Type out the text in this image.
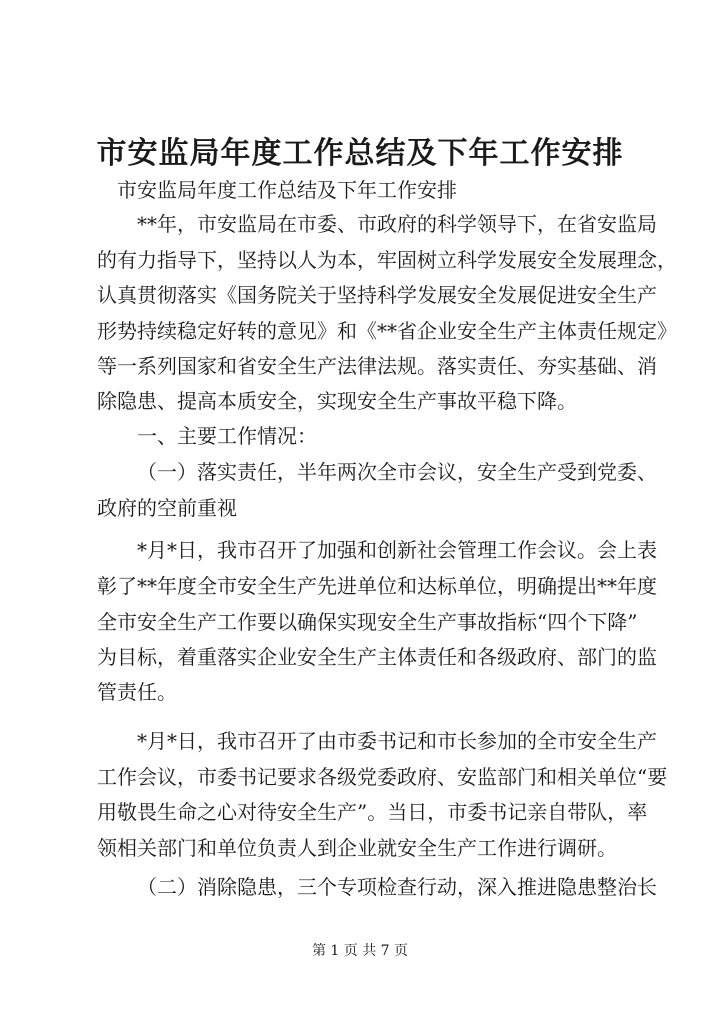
市安监局年度工作总结及下年工作安排
市安监局年度工作总结及下年工作安排
**年，市安监局在市委、市政府的科学领导下，在省安监局
的有力指导下，坚持以人为本，牢固树立科学发展安全发展理念，
认真贯彻落实《国务院关于坚持科学发展安全发展促进安全生产
形势持续稳定好转的意见》和《**省企业安全生产主体责任规定》
等一系列国家和省安全生产法律法规。落实责任、夯实基础、消
除隐患、提高本质安全，实现安全生产事故平稳下降。
一、主要工作情况：
（一）落实责任，半年两次全市会议，安全生产受到党委、
政府的空前重视
*月*日，我市召开了加强和创新社会管理工作会议。会上表
彰了**年度全市安全生产先进单位和达标单位，明确提出**年度
全市安全生产工作要以确保实现安全生产事故指标“四个下降”
为目标，着重落实企业安全生产主体责任和各级政府、部门的监
管责任。
*月*日，我市召开了由市委书记和市长参加的全市安全生产
工作会议，市委书记要求各级党委政府、安监部门和相关单位“要
用敬畏生命之心对待安全生产”。当日，市委书记亲自带队，率
领相关部门和单位负责人到企业就安全生产工作进行调研。
（二）消除隐患，三个专项检查行动，深入推进隐患整治长
第 1 页 共 7 页
